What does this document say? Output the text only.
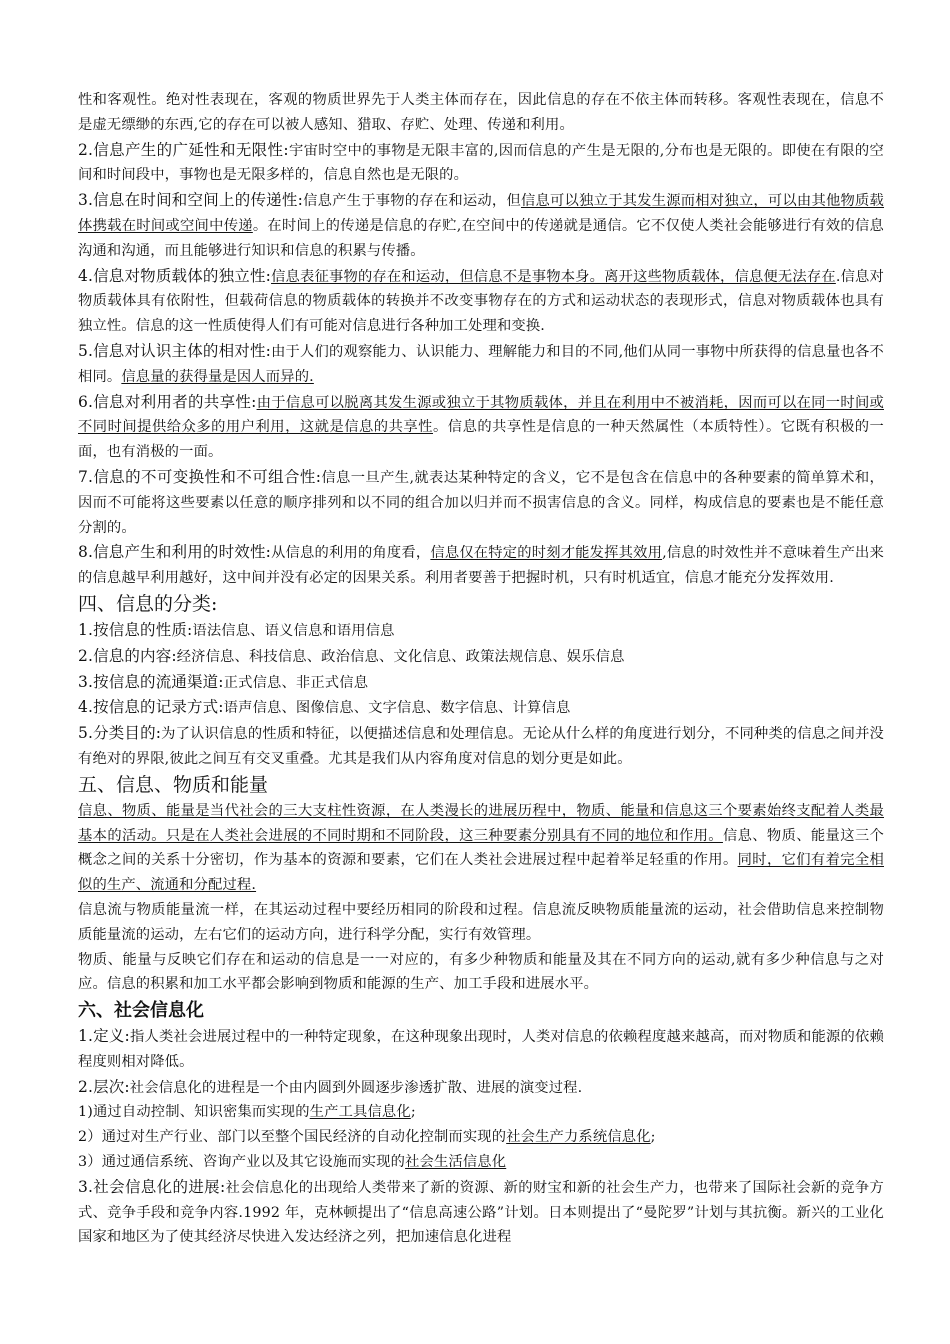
性和客观性。绝对性表现在，客观的物质世界先于人类主体而存在，因此信息的存在不依主体而转移。客观性表现在，信息不是虚无缥缈的东西,它的存在可以被人感知、猎取、存贮、处理、传递和利用。

2.信息产生的广延性和无限性:宇宙时空中的事物是无限丰富的,因而信息的产生是无限的,分布也是无限的。即使在有限的空间和时间段中，事物也是无限多样的，信息自然也是无限的。

3.信息在时间和空间上的传递性:信息产生于事物的存在和运动，但信息可以独立于其发生源而相对独立，可以由其他物质载体携载在时间或空间中传递。在时间上的传递是信息的存贮,在空间中的传递就是通信。它不仅使人类社会能够进行有效的信息沟通和沟通，而且能够进行知识和信息的积累与传播。

4.信息对物质载体的独立性:信息表征事物的存在和运动，但信息不是事物本身。离开这些物质载体，信息便无法存在.信息对物质载体具有依附性，但载荷信息的物质载体的转换并不改变事物存在的方式和运动状态的表现形式，信息对物质载体也具有独立性。信息的这一性质使得人们有可能对信息进行各种加工处理和变换.

5.信息对认识主体的相对性:由于人们的观察能力、认识能力、理解能力和目的不同,他们从同一事物中所获得的信息量也各不相同。信息量的获得量是因人而异的.

6.信息对利用者的共享性:由于信息可以脱离其发生源或独立于其物质载体，并且在利用中不被消耗，因而可以在同一时间或不同时间提供给众多的用户利用，这就是信息的共享性。信息的共享性是信息的一种天然属性（本质特性）。它既有积极的一面，也有消极的一面。

7.信息的不可变换性和不可组合性:信息一旦产生,就表达某种特定的含义，它不是包含在信息中的各种要素的简单算术和，因而不可能将这些要素以任意的顺序排列和以不同的组合加以归并而不损害信息的含义。同样，构成信息的要素也是不能任意分割的。

8.信息产生和利用的时效性:从信息的利用的角度看，信息仅在特定的时刻才能发挥其效用,信息的时效性并不意味着生产出来的信息越早利用越好，这中间并没有必定的因果关系。利用者要善于把握时机，只有时机适宜，信息才能充分发挥效用.

四、信息的分类:

1.按信息的性质:语法信息、语义信息和语用信息

2.信息的内容:经济信息、科技信息、政治信息、文化信息、政策法规信息、娱乐信息

3.按信息的流通渠道:正式信息、非正式信息

4.按信息的记录方式:语声信息、图像信息、文字信息、数字信息、计算信息

5.分类目的:为了认识信息的性质和特征，以便描述信息和处理信息。无论从什么样的角度进行划分，不同种类的信息之间并没有绝对的界限,彼此之间互有交叉重叠。尤其是我们从内容角度对信息的划分更是如此。

五、信息、物质和能量

信息、物质、能量是当代社会的三大支柱性资源，在人类漫长的进展历程中，物质、能量和信息这三个要素始终支配着人类最基本的活动。只是在人类社会进展的不同时期和不同阶段，这三种要素分别具有不同的地位和作用。信息、物质、能量这三个概念之间的关系十分密切，作为基本的资源和要素，它们在人类社会进展过程中起着举足轻重的作用。同时，它们有着完全相似的生产、流通和分配过程.

信息流与物质能量流一样，在其运动过程中要经历相同的阶段和过程。信息流反映物质能量流的运动，社会借助信息来控制物质能量流的运动，左右它们的运动方向，进行科学分配，实行有效管理。

物质、能量与反映它们存在和运动的信息是一一对应的，有多少种物质和能量及其在不同方向的运动,就有多少种信息与之对应。信息的积累和加工水平都会影响到物质和能源的生产、加工手段和进展水平。

六、社会信息化

1.定义:指人类社会进展过程中的一种特定现象，在这种现象出现时，人类对信息的依赖程度越来越高，而对物质和能源的依赖程度则相对降低。

2.层次:社会信息化的进程是一个由内圆到外圆逐步渗透扩散、进展的演变过程.

1)通过自动控制、知识密集而实现的生产工具信息化;

2）通过对生产行业、部门以至整个国民经济的自动化控制而实现的社会生产力系统信息化;

3）通过通信系统、咨询产业以及其它设施而实现的社会生活信息化

3.社会信息化的进展:社会信息化的出现给人类带来了新的资源、新的财宝和新的社会生产力，也带来了国际社会新的竞争方式、竞争手段和竞争内容.1992 年，克林顿提出了“信息高速公路”计划。日本则提出了“曼陀罗”计划与其抗衡。新兴的工业化国家和地区为了使其经济尽快进入发达经济之列，把加速信息化进程
